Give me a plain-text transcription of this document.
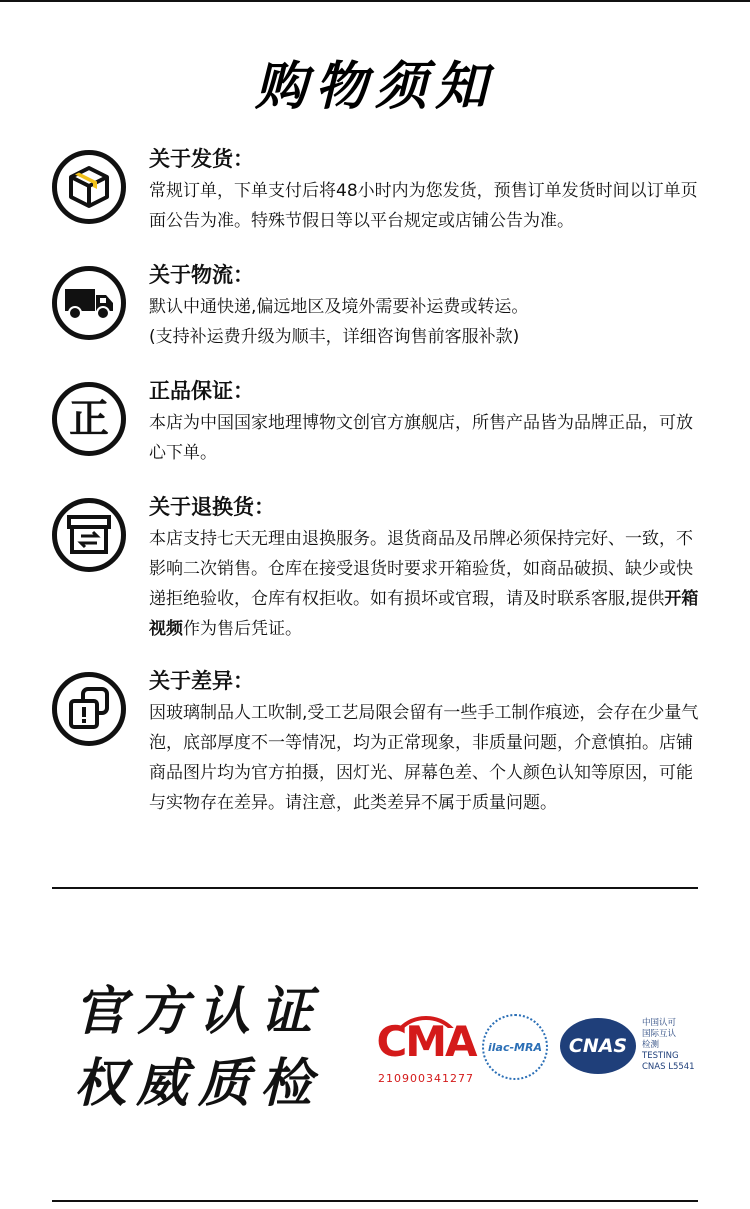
购物须知
关于发货：
常规订单，下单支付后将48小时内为您发货，预售订单发货时间以订单页面公告为准。特殊节假日等以平台规定或店铺公告为准。
关于物流：
默认中通快递,偏远地区及境外需要补运费或转运。
(支持补运费升级为顺丰，详细咨询售前客服补款)
正
正品保证：
本店为中国国家地理博物文创官方旗舰店，所售产品皆为品牌正品，可放心下单。
关于退换货：
本店支持七天无理由退换服务。退货商品及吊牌必须保持完好、一致，不影响二次销售。仓库在接受退货时要求开箱验货，如商品破损、缺少或快递拒绝验收，仓库有权拒收。如有损坏或官瑕，请及时联系客服,提供开箱视频作为售后凭证。
关于差异：
因玻璃制品人工吹制,受工艺局限会留有一些手工制作痕迹，会存在少量气泡，底部厚度不一等情况，均为正常现象，非质量问题，介意慎拍。店铺商品图片均为官方拍摄，因灯光、屏幕色差、个人颜色认知等原因，可能与实物存在差异。请注意，此类差异不属于质量问题。
官方认证
权威质检
CMA
210900341277
ilac-MRA CNAS
中国认可
国际互认
检测
TESTING
CNAS L5541
